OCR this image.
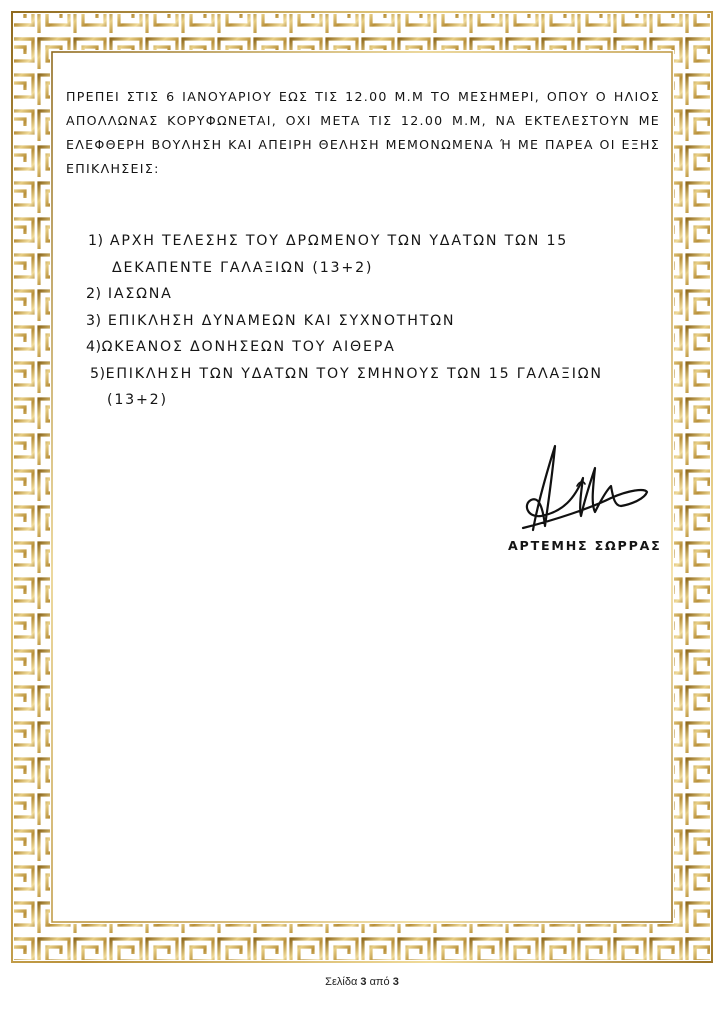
ΠΡΕΠΕΙ ΣΤΙΣ 6 ΙΑΝΟΥΑΡΙΟΥ ΕΩΣ ΤΙΣ 12.00 Μ.Μ ΤΟ ΜΕΣΗΜΕΡΙ, ΟΠΟΥ Ο ΗΛΙΟΣ ΑΠΟΛΛΩΝΑΣ ΚΟΡΥΦΩΝΕΤΑΙ, ΟΧΙ ΜΕΤΑ ΤΙΣ 12.00 Μ.Μ, ΝΑ ΕΚΤΕΛΕΣΤΟΥΝ ΜΕ ΕΛΕΦΘΕΡΗ ΒΟΥΛΗΣΗ ΚΑΙ ΑΠΕΙΡΗ ΘΕΛΗΣΗ ΜΕΜΟΝΩΜΕΝΑ Ή ΜΕ ΠΑΡΕΑ ΟΙ ΕΞΗΣ ΕΠΙΚΛΗΣΕΙΣ:

1) ΑΡΧΗ ΤΕΛΕΣΗΣ ΤΟΥ ΔΡΩΜΕΝΟΥ ΤΩΝ ΥΔΑΤΩΝ ΤΩΝ 15
ΔΕΚΑΠΕΝΤΕ ΓΑΛΑΞΙΩΝ (13+2)
2) ΙΑΣΩΝΑ
3) ΕΠΙΚΛΗΣΗ ΔΥΝΑΜΕΩΝ ΚΑΙ ΣΥΧΝΟΤΗΤΩΝ
4)ΩΚΕΑΝΟΣ ΔΟΝΗΣΕΩΝ ΤΟΥ ΑΙΘΕΡΑ
5)ΕΠΙΚΛΗΣΗ ΤΩΝ ΥΔΑΤΩΝ ΤΟΥ ΣΜΗΝΟΥΣ ΤΩΝ 15 ΓΑΛΑΞΙΩΝ
(13+2)
ΑΡΤΕΜΗΣ ΣΩΡΡΑΣ
Σελίδα 3 από 3
